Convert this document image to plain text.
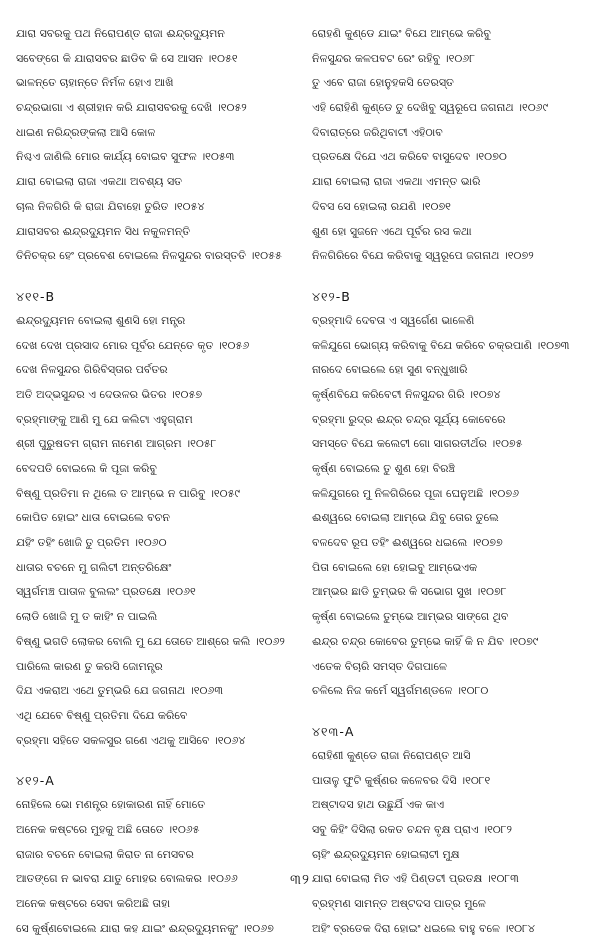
ଯାରା ସବରକୁ ପଥ ନିରୋପଣ୍ତ ରାଜା ଈନ୍ଦ୍ରଦ୍ୟୁମନ
ସବେଙ୍ଗେ କି ଯାରାସବର ଛାଡିବ କି ସେ ଆସନ ।୧୦୫୧
ଭାଳନ୍ତେ ଚାହାନ୍ତେ ନିର୍ମଳ ହୋଏ ଆଖି
ଚନ୍ଦ୍ରଭାଗା ଏ ଶ୍ରୀହାନ କରି ଯାରାସବରକୁ ଦେଖି ।୧୦୫୨
ଧାଇଣ ନରିନ୍ଦ୍ରଙ୍କଲା ଆସି କୋଳ
ନିଶ୍ଚଏ ଜାଣିଲି ମୋର କାର୍ଯ୍ୟ ବୋଇବ ସୁଫଳ ।୧୦୫୩
ଯାରା ବୋଇଲା ରାଜା ଏକଥା ଅବଶ୍ୟ ସତ
ଚାଲ ନିଳଗିରି କି ରାଜା ଯିବାହୋ ତୁରିତ ।୧୦୫୪
ଯାରାସବର ଈନ୍ଦ୍ରଦ୍ୟୁମନ ସିଧ ନକୁଳମନ୍ତି
ତିନିଚକ୍ର ହେଂ ପ୍ରବେଶ ବୋଇଲେ ନିଳସୁନ୍ଦର ବାରସ୍ତତି ।୧୦୫୫
୪୧୧-B
ଈନ୍ଦ୍ରଦ୍ୟୁମନ ବୋଇଲା ଶୁଣସି ହୋ ମନ୍ତ୍ର
ଦେଖ ଦେଖ ପ୍ରସାଦ ମୋର ପୂର୍ବର ଯେନ୍ତେ କୃତ ।୧୦୫୬
ଦେଖ ନିଳସୁନ୍ଦର ଗିରିବିସ୍ତାର ପର୍ବତର
ଅତି ଅଦ୍ଭସୁନ୍ଦର ଏ ଦେଉଳର ଭିତର ।୧୦୫୭
ବ୍ରହ୍ମାଙ୍କୁ ଆଣି ମୁ ଯେ କଲିଟା ଏହୁଗ୍ରାମ
ଶ୍ରୀ ପୁରୁଷତମ ଗ୍ରାମ ନାମେଣ ଆଗ୍ରମ ।୧୦୫୮
ବେଦପତି ବୋଇଲେ କି ପୂଜା କରିବୁ
ବିଷ୍ଣୁ ପ୍ରତିମା ନ ଥିଲେ ତ ଆମ୍ଭେ ନ ପାରିବୁ ।୧୦୫୯
କୋପିତ ହୋଇଂ ଧାତା ବୋଇଲେ ବଚନ
ଯହିଂ ତହିଂ ଖୋଜି ତୁ ପ୍ରତିମ ।୧୦୬୦
ଧାତାର ବଚନେ ମୁ ଗଲିଟୀ ଅନ୍ତରିକ୍ଷେଂ
ସ୍ୱର୍ଗମଞ୍ଚ ପାତାଳ ବୁଲଲଂ ପ୍ରତକ୍ଷେ ।୧୦୬୧
ଲୋଡି ଖୋଜି ମୁ ତ କାହିଂ ନ ପାଇଲି
ବିଷ୍ଣୁ ଭଗତି ଲୋକର ବୋଲି ମୁ ଯେ ତୋତେ ଆଶ୍ରେ କଲି ।୧୦୬୨
ପାରିଲେ କାରଣ ତୁ କରସି ଜୋମନ୍ତ୍ର
ଦିଯ ଏକରାଅ ଏଥେ ତୁମ୍ଭରି ଯେ ଜଗନାଥ ।୧୦୬୩
ଏଥି ଯେବେ ବିଷ୍ଣୁ ପ୍ରତିମା ଦିଯେ କରିବେ
ବ୍ରହ୍ମା ସହିତେ ସକଳସୁର ଗଣେ ଏଥକୁ ଆସିବେ ।୧୦୬୪
୪୧୨-A
ନୋହିଲେ ଭୋ ମଣନ୍ତ୍ର ହୋକାରଣ ନାହିଁ ମୋତେ
ଅନେକ କଷ୍ଟରେ ମୁହକୁ ଅଛି ତୋତେ ।୧୦୬୫
ରାଜାର ବଚନେ ବୋଇଲା କିରାତ ନା ମେସବର
ଆତଙ୍ଗେ ନ ଭାବରା ଯାତୁ ମୋହର ବୋଲକର ।୧୦୬୬
ଅନେକ କଷ୍ଟରେ ସେବା କରିଅଛି ତାହା
ସେ କୁର୍ଷ୍ଣବୋଇଲେ ଯାରା କହ ଯାଇଂ ଈନ୍ଦ୍ରଦ୍ୟୁମନକୁଂ ।୧୦୬୭
ରୋହଣି କୁଣ୍ଡେ ଯାଇଂ ବିଯେ ଆମ୍ଭେ କରିବୁ
ନିଳସୁନ୍ଦର କଳପବଟ ରେଂ ରହିବୁ ।୧୦୬୮
ତୁ ଏବେ ରାଜା ହୋନୁହକସି ତେରସ୍ତ
ଏହି ରୋହିଣି କୁଣ୍ଡେ ତୁ ଦେଖିବୁ ସ୍ୱରୂପେ ଜଗନାଥ ।୧୦୬୯
ଦିବାରାତ୍ରେ ଜରିଥିବାଟୀ ଏହିଠାବ
ପ୍ରତକ୍ଷେ ଦିଯେ ଏଥ କରିବେ ବାସୁଦେବ ।୧୦୭୦
ଯାରା ବୋଇଲା ରାଜା ଏକଥା ଏମନ୍ତ ଭାରି
ଦିବସ ସେ ହୋଇଲା ରଯଣି ।୧୦୭୧
ଶୁଣ ହୋ ସୁଜନେ ଏଥେ ପୂର୍ବର ରସ କଥା
ନିଳଗିରିରେ ବିଯେ କରିବାକୁ ସ୍ୱରୂପେ ଜଗନାଥ ।୧୦୭୨
୪୧୨-B
ବ୍ରହ୍ମାଦି ଦେବତା ଏ ସ୍ୱର୍ଗେଣ ଭାଳେଣି
କଳିଯୁଗେ ଭୋଗ୍ୟ କରିବାକୁ ବିଯେ କରିବେ ଚକ୍ରପାଣି ।୧୦୭୩
ନାରଦେ ବୋଇଲେ ହୋ ସୁଣ ବନ୍ଧୁଖାରି
କୃର୍ଷ୍ଣବିଯେ କରିବେଟୀ ନିଳସୁନ୍ଦର ଗିରି ।୧୦୭୪
ବ୍ରହ୍ମା ରୁଦ୍ର ଈନ୍ଦ୍ର ଚନ୍ଦ୍ର ସୂର୍ଯ୍ୟ କୋବେରେ
ସମସ୍ତେ ବିଯେ କଲେଟୀ ଗୋ ସାଗରତୀର୍ଥର ।୧୦୭୫
କୃର୍ଷ୍ଣ ବୋଇଲେ ତୁ ଶୁଣ ହୋ ବିରଞ୍ଚି
କଳିଯୁଗରେ ମୁ ନିଳଗିରିରେ ପୂଜା ଘେନୁଅଛି ।୧୦୭୬
ଈଶ୍ୱରେ ବୋଇଲା ଆମ୍ଭେ ଯିବୁ ତୋର ତୁଲେ
ବଳଦେବ ରୂପ ତହିଂ ଈଶ୍ୱରେ ଧଇଲେ ।୧୦୭୭
ପିତା ବୋଇଲେ ହୋ ହୋଇବୁ ଆମ୍ଭେଏକ
ଆମ୍ଭର ଛାଡି ତୁମ୍ଭର କି ସଭୋଗ ସୁଖ ।୧୦୭୮
କୃର୍ଷ୍ଣ ବୋଇଲେ ତୁମ୍ଭେ ଆମ୍ଭର ସାଙ୍ଗେ ଥିବ
ଈନ୍ଦ୍ର ଚନ୍ଦ୍ର କୋବେର ତୁମ୍ଭେ କାହିଁ କି ନ ଯିବ ।୧୦୭୯
ଏତେକ ବିଚାରି ସମସ୍ତ ଦିଗପାଳେ
ଚଳିଲେ ନିଜ କର୍ମେ ସ୍ୱର୍ଗମଣ୍ଡଳେ ।୧୦୮୦
୪୧୩-A
ରୋହିଣୀ କୁଣ୍ଡେ ରାଜା ନିରୋପଣ୍ତ ଆସି
ପାତାଳୁ ଫୁଟି କୁର୍ଷ୍ଣର କଳେବର ଦିସି ।୧୦୮୧
ଅଷ୍ଟାଦସ ହାଥ ଉଛୁର୍ଯି ଏକ କାଏ
ସବୁ କିହିଂ ଦିସିଲା ରକତ ଚନ୍ଦନ ବୃକ୍ଷ ପ୍ରାଏ ।୧୦୮୨
ଚାହିଂ ଈନ୍ଦ୍ରଦ୍ୟୁମନ ହୋଇଲାଟୀ ମୁକ୍ଷ
ଯାରା ବୋଇଲା ମିତ ଏହି ପିଣ୍ଡଟୀ ପ୍ରତକ୍ଷ ।୧୦୮୩
ବ୍ରହ୍ମଣ ସାମନ୍ତ ଅଷ୍ଟଦସ ପାତ୍ର ମୁଳେ
ଅହିଂ ବ୍ରତେକ ଦିରା ହୋଇଂ ଧଇଲେ ବାହୁ ବଳେ ।୧୦୮୪
୩୨
